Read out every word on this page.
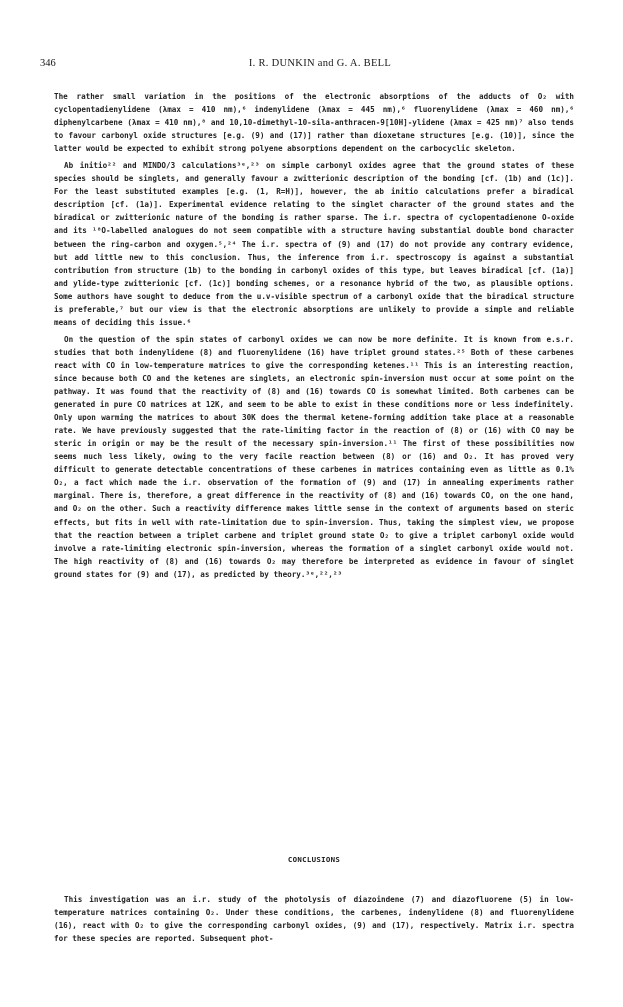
346	I. R. DUNKIN and G. A. BELL

The rather small variation in the positions of the electronic absorptions of the adducts of O₂ with cyclopentadienylidene (λmax = 410 nm),⁶ indenylidene (λmax = 445 nm),⁶ fluorenylidene (λmax = 460 nm),⁶ diphenylcarbene (λmax = 410 nm),⁸ and 10,10-dimethyl-10-sila-anthracen-9[10H]-ylidene (λmax = 425 nm)⁷ also tends to favour carbonyl oxide structures [e.g. (9) and (17)] rather than dioxetane structures [e.g. (10)], since the latter would be expected to exhibit strong polyene absorptions dependent on the carbocyclic skeleton.

Ab initio²² and MINDO/3 calculations³ᵉ,²³ on simple carbonyl oxides agree that the ground states of these species should be singlets, and generally favour a zwitterionic description of the bonding [cf. (1b) and (1c)]. For the least substituted examples [e.g. (1, R=H)], however, the ab initio calculations prefer a biradical description [cf. (1a)]. Experimental evidence relating to the singlet character of the ground states and the biradical or zwitterionic nature of the bonding is rather sparse. The i.r. spectra of cyclopentadienone O-oxide and its ¹⁸O-labelled analogues do not seem compatible with a structure having substantial double bond character between the ring-carbon and oxygen.⁵,²⁴ The i.r. spectra of (9) and (17) do not provide any contrary evidence, but add little new to this conclusion. Thus, the inference from i.r. spectroscopy is against a substantial contribution from structure (1b) to the bonding in carbonyl oxides of this type, but leaves biradical [cf. (1a)] and ylide-type zwitterionic [cf. (1c)] bonding schemes, or a resonance hybrid of the two, as plausible options. Some authors have sought to deduce from the u.v-visible spectrum of a carbonyl oxide that the biradical structure is preferable,⁷ but our view is that the electronic absorptions are unlikely to provide a simple and reliable means of deciding this issue.⁶

On the question of the spin states of carbonyl oxides we can now be more definite. It is known from e.s.r. studies that both indenylidene (8) and fluorenylidene (16) have triplet ground states.²⁵ Both of these carbenes react with CO in low-temperature matrices to give the corresponding ketenes.¹¹ This is an interesting reaction, since because both CO and the ketenes are singlets, an electronic spin-inversion must occur at some point on the pathway. It was found that the reactivity of (8) and (16) towards CO is somewhat limited. Both carbenes can be generated in pure CO matrices at 12K, and seem to be able to exist in these conditions more or less indefinitely. Only upon warming the matrices to about 30K does the thermal ketene-forming addition take place at a reasonable rate. We have previously suggested that the rate-limiting factor in the reaction of (8) or (16) with CO may be steric in origin or may be the result of the necessary spin-inversion.¹¹ The first of these possibilities now seems much less likely, owing to the very facile reaction between (8) or (16) and O₂. It has proved very difficult to generate detectable concentrations of these carbenes in matrices containing even as little as 0.1% O₂, a fact which made the i.r. observation of the formation of (9) and (17) in annealing experiments rather marginal. There is, therefore, a great difference in the reactivity of (8) and (16) towards CO, on the one hand, and O₂ on the other. Such a reactivity difference makes little sense in the context of arguments based on steric effects, but fits in well with rate-limitation due to spin-inversion. Thus, taking the simplest view, we propose that the reaction between a triplet carbene and triplet ground state O₂ to give a triplet carbonyl oxide would involve a rate-limiting electronic spin-inversion, whereas the formation of a singlet carbonyl oxide would not. The high reactivity of (8) and (16) towards O₂ may therefore be interpreted as evidence in favour of singlet ground states for (9) and (17), as predicted by theory.³ᵉ,²²,²³

CONCLUSIONS

This investigation was an i.r. study of the photolysis of diazoindene (7) and diazofluorene (5) in low-temperature matrices containing O₂. Under these conditions, the carbenes, indenylidene (8) and fluorenylidene (16), react with O₂ to give the corresponding carbonyl oxides, (9) and (17), respectively. Matrix i.r. spectra for these species are reported. Subsequent phot-
